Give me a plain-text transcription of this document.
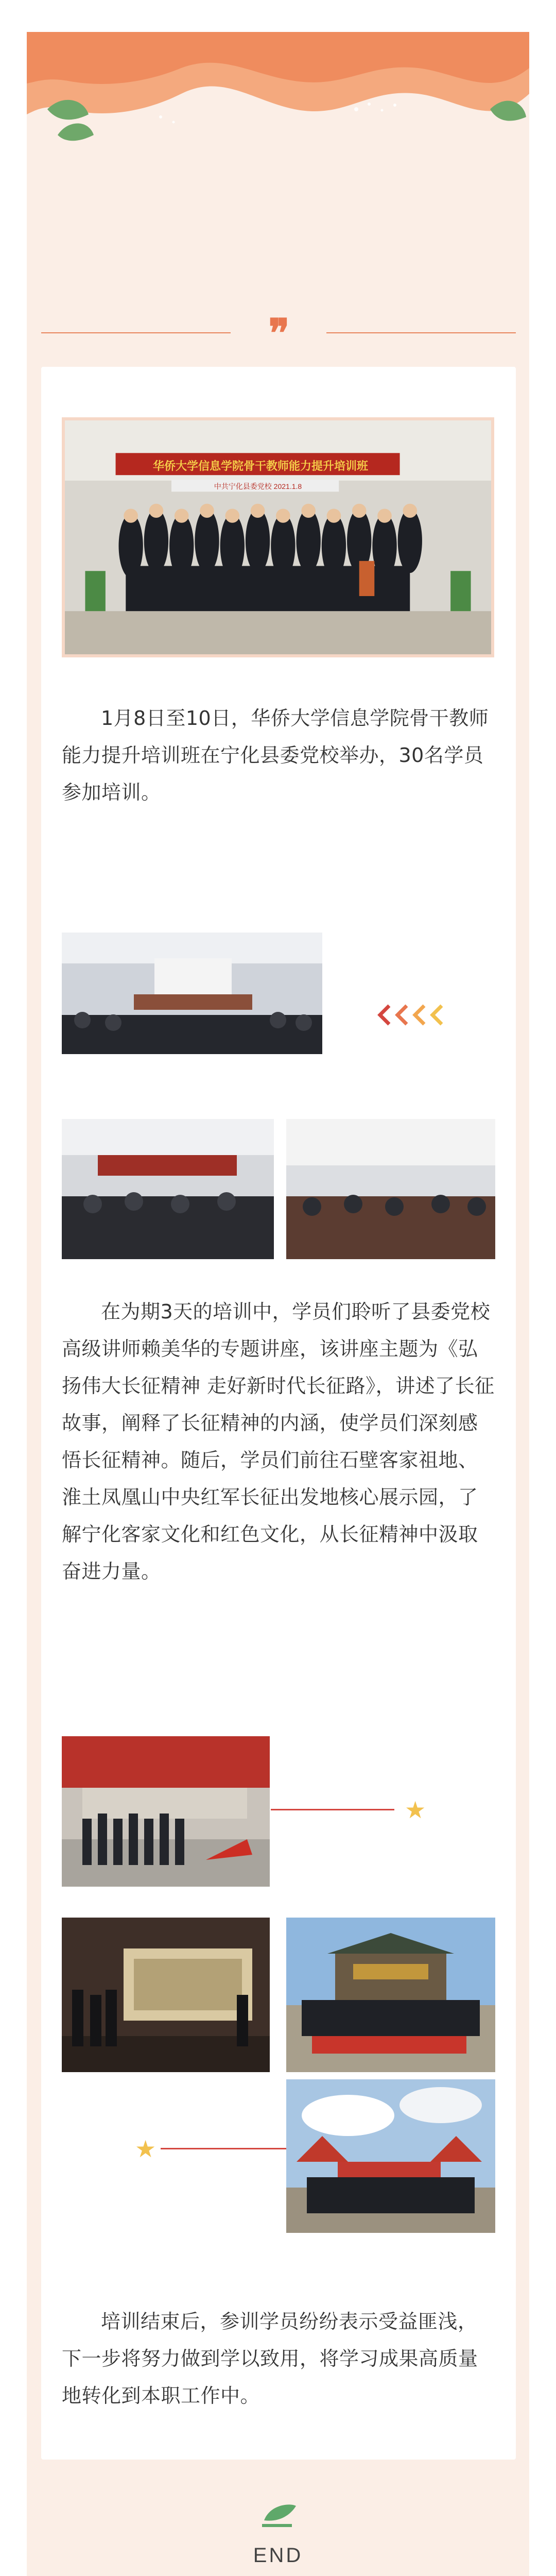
❞
华侨大学信息学院骨干教师能力提升培训班
中共宁化县委党校 2021.1.8

1月8日至10日，华侨大学信息学院骨干教师能力提升培训班在宁化县委党校举办，30名学员参加培训。

在为期3天的培训中，学员们聆听了县委党校高级讲师赖美华的专题讲座，该讲座主题为《弘扬伟大长征精神 走好新时代长征路》，讲述了长征故事，阐释了长征精神的内涵，使学员们深刻感悟长征精神。随后，学员们前往石壁客家祖地、淮土凤凰山中央红军长征出发地核心展示园，了解宁化客家文化和红色文化，从长征精神中汲取奋进力量。

★
★

培训结束后，参训学员纷纷表示受益匪浅，下一步将努力做到学以致用，将学习成果高质量地转化到本职工作中。

END
